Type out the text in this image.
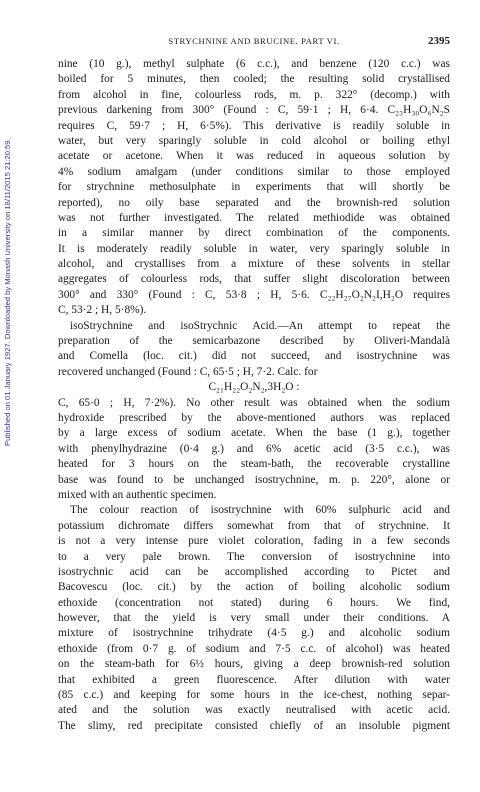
Published on 01 January 1927. Downloaded by Monash University on 18/11/2015 21:20:59.
STRYCHNINE AND BRUCINE. PART VI.	2395
nine (10 g.), methyl sulphate (6 c.c.), and benzene (120 c.c.) was
boiled for 5 minutes, then cooled; the resulting solid crystallised
from alcohol in fine, colourless rods, m. p. 322° (decomp.) with
previous darkening from 300° (Found : C, 59·1 ; H, 6·4. C₂₃H₃₀O₆N₂S
requires C, 59·7 ; H, 6·5%). This derivative is readily soluble in
water, but very sparingly soluble in cold alcohol or boiling ethyl
acetate or acetone. When it was reduced in aqueous solution by
4% sodium amalgam (under conditions similar to those employed
for strychnine methosulphate in experiments that will shortly be
reported), no oily base separated and the brownish-red solution
was not further investigated. The related methiodide was obtained
in a similar manner by direct combination of the components.
It is moderately readily soluble in water, very sparingly soluble in
alcohol, and crystallises from a mixture of these solvents in stellar
aggregates of colourless rods, that suffer slight discoloration between
300° and 330° (Found : C, 53·8 ; H, 5·6. C₂₂H₂₇O₂N₂I,H₂O requires
C, 53·2 ; H, 5·8%).
isoStrychnine and isoStrychnic Acid.—An attempt to repeat the
preparation of the semicarbazone described by Oliveri-Mandalà
and Comella (loc. cit.) did not succeed, and isostrychnine was
recovered unchanged (Found : C, 65·5 ; H, 7·2. Calc. for
C₂₁H₂₂O₂N₂,3H₂O :
C, 65·0 ; H, 7·2%). No other result was obtained when the sodium
hydroxide prescribed by the above-mentioned authors was replaced
by a large excess of sodium acetate. When the base (1 g.), together
with phenylhydrazine (0·4 g.) and 6% acetic acid (3·5 c.c.), was
heated for 3 hours on the steam-bath, the recoverable crystalline
base was found to be unchanged isostrychnine, m. p. 220°, alone or
mixed with an authentic specimen.
The colour reaction of isostrychnine with 60% sulphuric acid and
potassium dichromate differs somewhat from that of strychnine. It
is not a very intense pure violet coloration, fading in a few seconds
to a very pale brown. The conversion of isostrychnine into
isostrychnic acid can be accomplished according to Pictet and
Bacovescu (loc. cit.) by the action of boiling alcoholic sodium
ethoxide (concentration not stated) during 6 hours. We find,
however, that the yield is very small under their conditions. A
mixture of isostrychnine trihydrate (4·5 g.) and alcoholic sodium
ethoxide (from 0·7 g. of sodium and 7·5 c.c. of alcohol) was heated
on the steam-bath for 6½ hours, giving a deep brownish-red solution
that exhibited a green fluorescence. After dilution with water
(85 c.c.) and keeping for some hours in the ice-chest, nothing separ-
ated and the solution was exactly neutralised with acetic acid.
The slimy, red precipitate consisted chiefly of an insoluble pigment
